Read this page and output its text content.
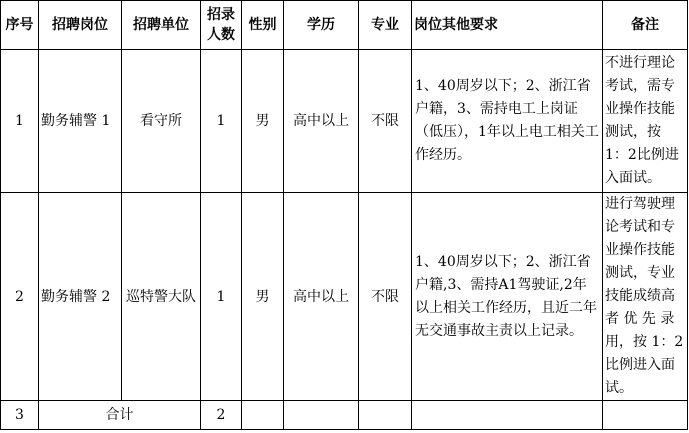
序号	招聘岗位	招聘单位	招录人数	性别	学历	专业	岗位其他要求	备注
1	勤务辅警 1	看守所	1	男	高中以上	不限	1、40周岁以下；2、浙江省户籍，3、需持电工上岗证（低压），1年以上电工相关工作经历。	不进行理论考试，需专业操作技能测试，按 1：2比例进入面试。
2	勤务辅警 2	巡特警大队	1	男	高中以上	不限	1、40周岁以下；2、浙江省户籍,3、需持A1驾驶证,2年以上相关工作经历，且近二年无交通事故主责以上记录。	进行驾驶理论考试和专业操作技能测试，专业技能成绩高者 优 先 录用，按 1：2比例进入面试。
3	合计		2					
